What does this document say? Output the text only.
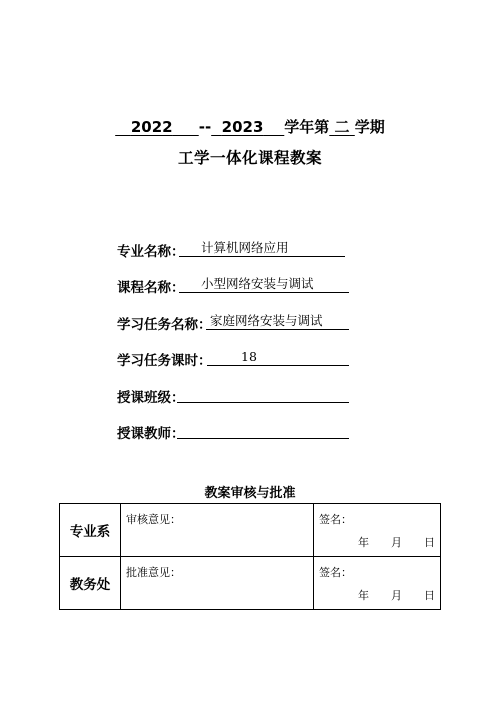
2022 -- 2023 学年第 二 学期
工学一体化课程教案
专业名称：	计算机网络应用
课程名称：	小型网络安装与调试
学习任务名称：
家庭网络安装与调试
学习任务课时：	18
授课班级：
授课教师：
教案审核与批准
专业系	审核意见：	签名：
年 月 日

教务处	批准意见：	签名：
年 月 日
